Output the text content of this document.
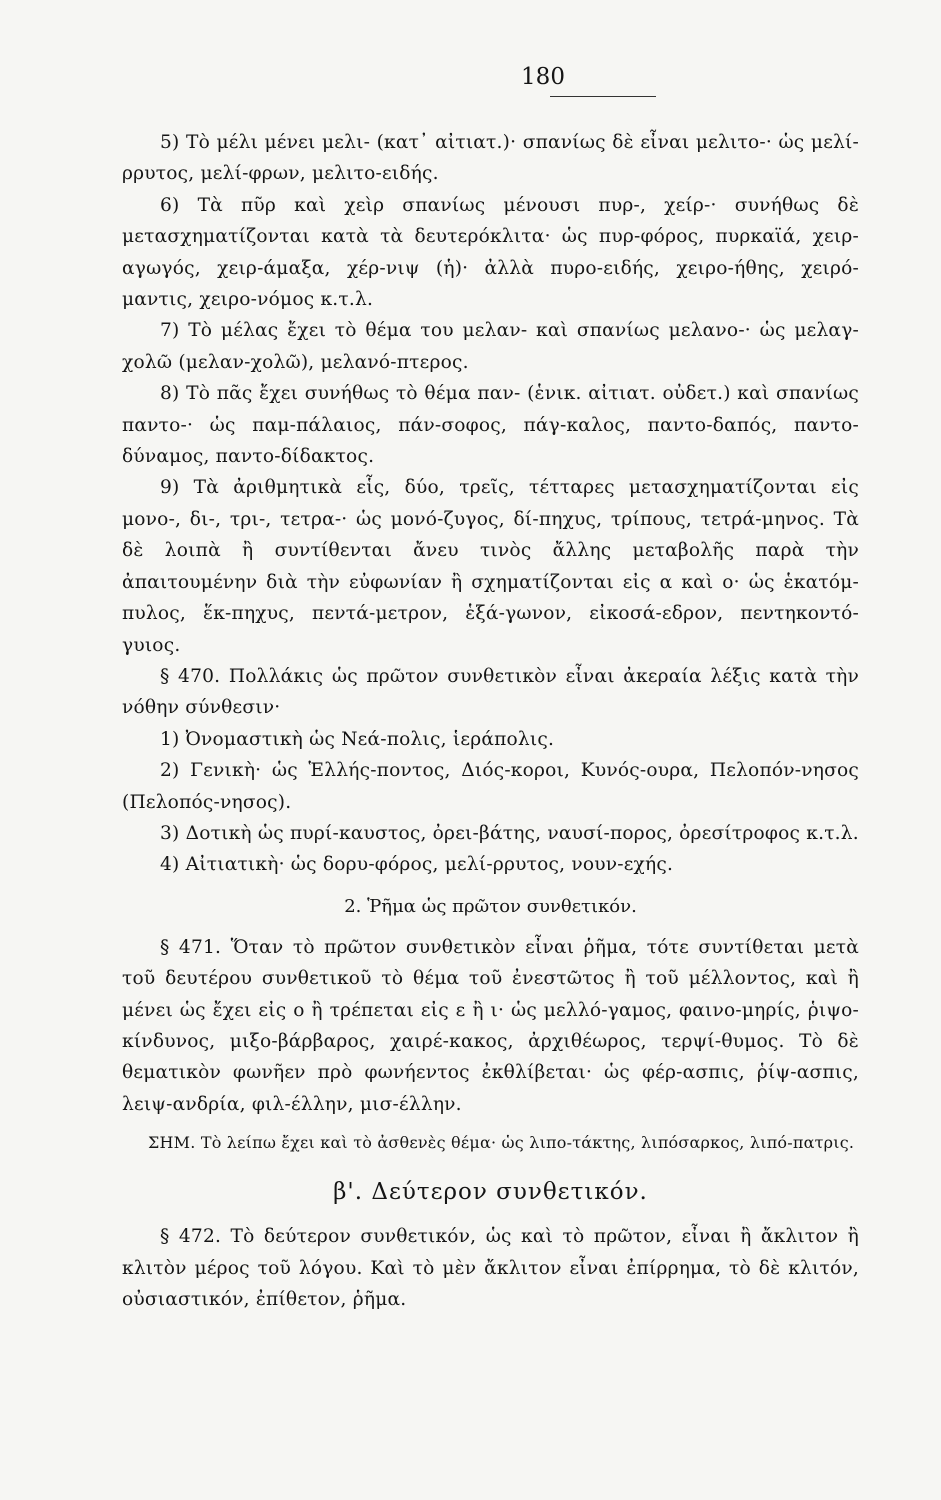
180

5) Τὸ μέλι μένει μελι- (κατ᾽ αἰτιατ.)· σπανίως δὲ εἶναι μελιτο-· ὡς μελί-ρρυτος, μελί-φρων, μελιτο-ειδής.

6) Τὰ πῦρ καὶ χεὶρ σπανίως μένουσι πυρ-, χείρ-· συνήθως δὲ μετασχηματίζονται κατὰ τὰ δευτερόκλιτα· ὡς πυρ-φόρος, πυρκαϊά, χειρ-αγωγός, χειρ-άμαξα, χέρ-νιψ (ἡ)· ἀλλὰ πυρο-ειδής, χειρο-ήθης, χειρό-μαντις, χειρο-νόμος κ.τ.λ.

7) Τὸ μέλας ἔχει τὸ θέμα του μελαν- καὶ σπανίως μελανο-· ὡς μελαγ-χολῶ (μελαν-χολῶ), μελανό-πτερος.

8) Τὸ πᾶς ἔχει συνήθως τὸ θέμα παν- (ἑνικ. αἰτιατ. οὐδετ.) καὶ σπανίως παντο-· ὡς παμ-πάλαιος, πάν-σοφος, πάγ-καλος, παντο-δαπός, παντο-δύναμος, παντο-δίδακτος.

9) Τὰ ἀριθμητικὰ εἷς, δύο, τρεῖς, τέτταρες μετασχηματίζονται εἰς μονο-, δι-, τρι-, τετρα-· ὡς μονό-ζυγος, δί-πηχυς, τρίπους, τετρά-μηνος. Τὰ δὲ λοιπὰ ἢ συντίθενται ἄνευ τινὸς ἄλλης μεταβολῆς παρὰ τὴν ἀπαιτουμένην διὰ τὴν εὐφωνίαν ἢ σχηματίζονται εἰς α καὶ ο· ὡς ἑκατόμ-πυλος, ἕκ-πηχυς, πεντά-μετρον, ἑξά-γωνον, εἰκοσά-εδρον, πεντηκοντό-γυιος.

§ 470. Πολλάκις ὡς πρῶτον συνθετικὸν εἶναι ἀκεραία λέξις κατὰ τὴν νόθην σύνθεσιν·

1) Ὀνομαστικὴ ὡς Νεά-πολις, ἱεράπολις.

2) Γενικὴ· ὡς Ἑλλής-ποντος, Διός-κοροι, Κυνός-ουρα, Πελοπόν-νησος (Πελοπός-νησος).

3) Δοτικὴ ὡς πυρί-καυστος, ὀρει-βάτης, ναυσί-πορος, ὀρεσίτροφος κ.τ.λ.

4) Αἰτιατικὴ· ὡς δορυ-φόρος, μελί-ρρυτος, νουν-εχής.

2. Ῥῆμα ὡς πρῶτον συνθετικόν.

§ 471. Ὅταν τὸ πρῶτον συνθετικὸν εἶναι ῥῆμα, τότε συντίθεται μετὰ τοῦ δευτέρου συνθετικοῦ τὸ θέμα τοῦ ἐνεστῶτος ἢ τοῦ μέλλοντος, καὶ ἢ μένει ὡς ἔχει εἰς ο ἢ τρέπεται εἰς ε ἢ ι· ὡς μελλό-γαμος, φαινο-μηρίς, ῥιψο-κίνδυνος, μιξο-βάρβαρος, χαιρέ-κακος, ἀρχιθέωρος, τερψί-θυμος. Τὸ δὲ θεματικὸν φωνῆεν πρὸ φωνήεντος ἐκθλίβεται· ὡς φέρ-ασπις, ῥίψ-ασπις, λειψ-ανδρία, φιλ-έλλην, μισ-έλλην.

ΣΗΜ. Τὸ λείπω ἔχει καὶ τὸ ἀσθενὲς θέμα· ὡς λιπο-τάκτης, λιπόσαρκος, λιπό-πατρις.

β'. Δεύτερον συνθετικόν.

§ 472. Τὸ δεύτερον συνθετικόν, ὡς καὶ τὸ πρῶτον, εἶναι ἢ ἄκλιτον ἢ κλιτὸν μέρος τοῦ λόγου. Καὶ τὸ μὲν ἄκλιτον εἶναι ἐπίρρημα, τὸ δὲ κλιτόν, οὐσιαστικόν, ἐπίθετον, ῥῆμα.
